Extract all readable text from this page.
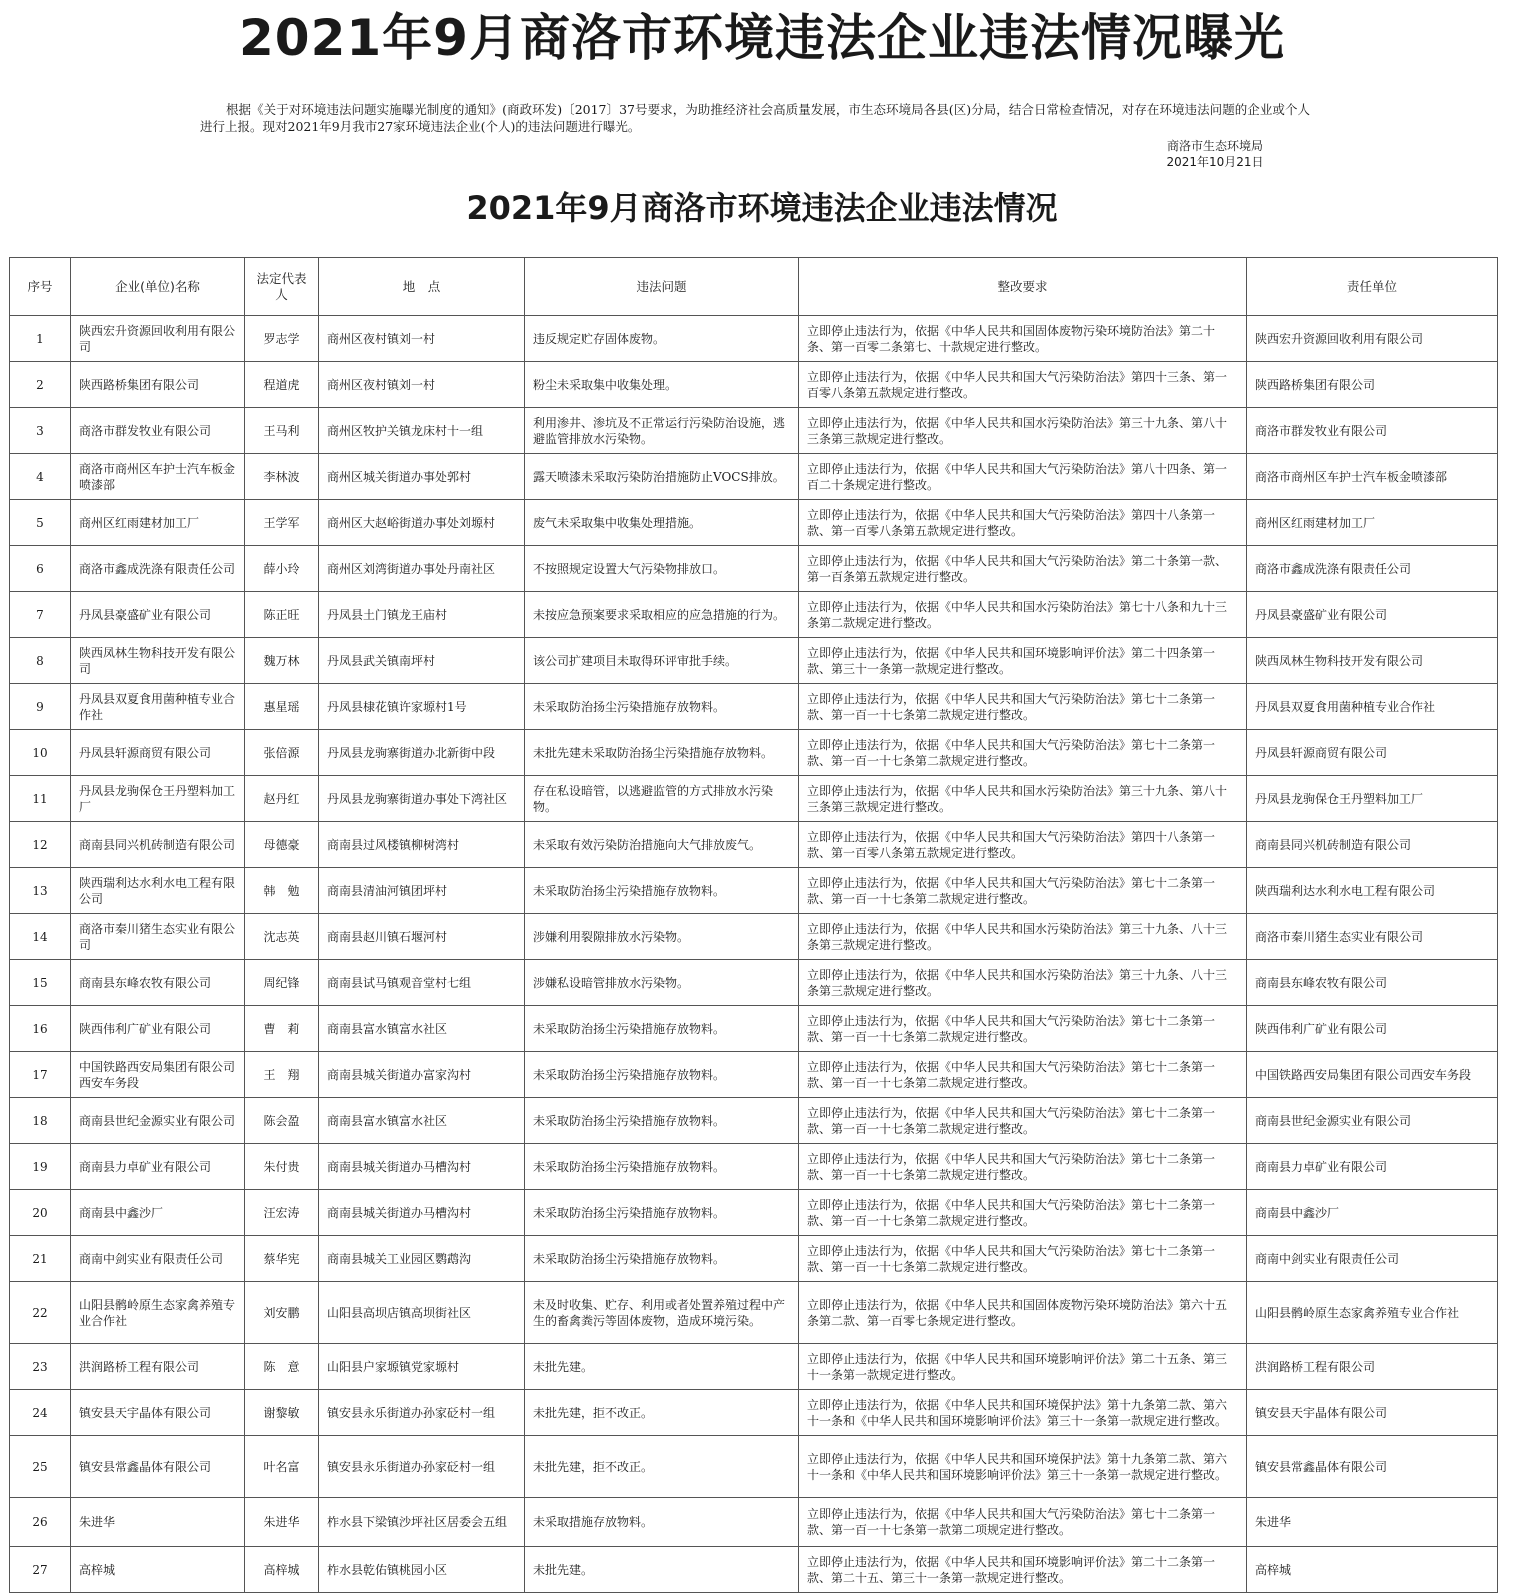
2021年9月商洛市环境违法企业违法情况曝光
根据《关于对环境违法问题实施曝光制度的通知》(商政环发)〔2017〕37号要求，为助推经济社会高质量发展，市生态环境局各县(区)分局，结合日常检查情况，对存在环境违法问题的企业或个人进行上报。现对2021年9月我市27家环境违法企业(个人)的违法问题进行曝光。
商洛市生态环境局
2021年10月21日
2021年9月商洛市环境违法企业违法情况
序号	企业(单位)名称	法定代表人	地　点	违法问题	整改要求	责任单位
1	陕西宏升资源回收利用有限公司	罗志学	商州区夜村镇刘一村	违反规定贮存固体废物。	立即停止违法行为，依据《中华人民共和国固体废物污染环境防治法》第二十条、第一百零二条第七、十款规定进行整改。	陕西宏升资源回收利用有限公司
2	陕西路桥集团有限公司	程道虎	商州区夜村镇刘一村	粉尘未采取集中收集处理。	立即停止违法行为，依据《中华人民共和国大气污染防治法》第四十三条、第一百零八条第五款规定进行整改。	陕西路桥集团有限公司
3	商洛市群发牧业有限公司	王马利	商州区牧护关镇龙床村十一组	利用渗井、渗坑及不正常运行污染防治设施，逃避监管排放水污染物。	立即停止违法行为，依据《中华人民共和国水污染防治法》第三十九条、第八十三条第三款规定进行整改。	商洛市群发牧业有限公司
4	商洛市商州区车护士汽车板金喷漆部	李林波	商州区城关街道办事处郭村	露天喷漆未采取污染防治措施防止VOCS排放。	立即停止违法行为，依据《中华人民共和国大气污染防治法》第八十四条、第一百二十条规定进行整改。	商洛市商州区车护士汽车板金喷漆部
5	商州区红雨建材加工厂	王学军	商州区大赵峪街道办事处刘塬村	废气未采取集中收集处理措施。	立即停止违法行为，依据《中华人民共和国大气污染防治法》第四十八条第一款、第一百零八条第五款规定进行整改。	商州区红雨建材加工厂
6	商洛市鑫成洗涤有限责任公司	薛小玲	商州区刘湾街道办事处丹南社区	不按照规定设置大气污染物排放口。	立即停止违法行为，依据《中华人民共和国大气污染防治法》第二十条第一款、第一百条第五款规定进行整改。	商洛市鑫成洗涤有限责任公司
7	丹凤县豪盛矿业有限公司	陈正旺	丹凤县土门镇龙王庙村	未按应急预案要求采取相应的应急措施的行为。	立即停止违法行为，依据《中华人民共和国水污染防治法》第七十八条和九十三条第二款规定进行整改。	丹凤县豪盛矿业有限公司
8	陕西凤林生物科技开发有限公司	魏万林	丹凤县武关镇南坪村	该公司扩建项目未取得环评审批手续。	立即停止违法行为，依据《中华人民共和国环境影响评价法》第二十四条第一款、第三十一条第一款规定进行整改。	陕西凤林生物科技开发有限公司
9	丹凤县双夏食用菌种植专业合作社	惠星瑶	丹凤县棣花镇许家塬村1号	未采取防治扬尘污染措施存放物料。	立即停止违法行为，依据《中华人民共和国大气污染防治法》第七十二条第一款、第一百一十七条第二款规定进行整改。	丹凤县双夏食用菌种植专业合作社
10	丹凤县轩源商贸有限公司	张倍源	丹凤县龙驹寨街道办北新街中段	未批先建未采取防治扬尘污染措施存放物料。	立即停止违法行为，依据《中华人民共和国大气污染防治法》第七十二条第一款、第一百一十七条第二款规定进行整改。	丹凤县轩源商贸有限公司
11	丹凤县龙驹保仓王丹塑料加工厂	赵丹红	丹凤县龙驹寨街道办事处下湾社区	存在私设暗管，以逃避监管的方式排放水污染物。	立即停止违法行为，依据《中华人民共和国水污染防治法》第三十九条、第八十三条第三款规定进行整改。	丹凤县龙驹保仓王丹塑料加工厂
12	商南县同兴机砖制造有限公司	母德豪	商南县过风楼镇柳树湾村	未采取有效污染防治措施向大气排放废气。	立即停止违法行为，依据《中华人民共和国大气污染防治法》第四十八条第一款、第一百零八条第五款规定进行整改。	商南县同兴机砖制造有限公司
13	陕西瑞利达水利水电工程有限公司	韩　勉	商南县清油河镇团坪村	未采取防治扬尘污染措施存放物料。	立即停止违法行为，依据《中华人民共和国大气污染防治法》第七十二条第一款、第一百一十七条第二款规定进行整改。	陕西瑞利达水利水电工程有限公司
14	商洛市秦川猪生态实业有限公司	沈志英	商南县赵川镇石堰河村	涉嫌利用裂隙排放水污染物。	立即停止违法行为，依据《中华人民共和国水污染防治法》第三十九条、八十三条第三款规定进行整改。	商洛市秦川猪生态实业有限公司
15	商南县东峰农牧有限公司	周纪锋	商南县试马镇观音堂村七组	涉嫌私设暗管排放水污染物。	立即停止违法行为，依据《中华人民共和国水污染防治法》第三十九条、八十三条第三款规定进行整改。	商南县东峰农牧有限公司
16	陕西伟利广矿业有限公司	曹　莉	商南县富水镇富水社区	未采取防治扬尘污染措施存放物料。	立即停止违法行为，依据《中华人民共和国大气污染防治法》第七十二条第一款、第一百一十七条第二款规定进行整改。	陕西伟利广矿业有限公司
17	中国铁路西安局集团有限公司西安车务段	王　翔	商南县城关街道办富家沟村	未采取防治扬尘污染措施存放物料。	立即停止违法行为，依据《中华人民共和国大气污染防治法》第七十二条第一款、第一百一十七条第二款规定进行整改。	中国铁路西安局集团有限公司西安车务段
18	商南县世纪金源实业有限公司	陈会盈	商南县富水镇富水社区	未采取防治扬尘污染措施存放物料。	立即停止违法行为，依据《中华人民共和国大气污染防治法》第七十二条第一款、第一百一十七条第二款规定进行整改。	商南县世纪金源实业有限公司
19	商南县力卓矿业有限公司	朱付贵	商南县城关街道办马槽沟村	未采取防治扬尘污染措施存放物料。	立即停止违法行为，依据《中华人民共和国大气污染防治法》第七十二条第一款、第一百一十七条第二款规定进行整改。	商南县力卓矿业有限公司
20	商南县中鑫沙厂	汪宏涛	商南县城关街道办马槽沟村	未采取防治扬尘污染措施存放物料。	立即停止违法行为，依据《中华人民共和国大气污染防治法》第七十二条第一款、第一百一十七条第二款规定进行整改。	商南县中鑫沙厂
21	商南中剑实业有限责任公司	蔡华宪	商南县城关工业园区鹦鹉沟	未采取防治扬尘污染措施存放物料。	立即停止违法行为，依据《中华人民共和国大气污染防治法》第七十二条第一款、第一百一十七条第二款规定进行整改。	商南中剑实业有限责任公司
22	山阳县鹘岭原生态家禽养殖专业合作社	刘安鹏	山阳县高坝店镇高坝街社区	未及时收集、贮存、利用或者处置养殖过程中产生的畜禽粪污等固体废物，造成环境污染。	立即停止违法行为，依据《中华人民共和国固体废物污染环境防治法》第六十五条第二款、第一百零七条规定进行整改。	山阳县鹘岭原生态家禽养殖专业合作社
23	洪润路桥工程有限公司	陈　意	山阳县户家塬镇党家塬村	未批先建。	立即停止违法行为，依据《中华人民共和国环境影响评价法》第二十五条、第三十一条第一款规定进行整改。	洪润路桥工程有限公司
24	镇安县天宇晶体有限公司	谢黎敏	镇安县永乐街道办孙家砭村一组	未批先建，拒不改正。	立即停止违法行为，依据《中华人民共和国环境保护法》第十九条第二款、第六十一条和《中华人民共和国环境影响评价法》第三十一条第一款规定进行整改。	镇安县天宇晶体有限公司
25	镇安县常鑫晶体有限公司	叶名富	镇安县永乐街道办孙家砭村一组	未批先建，拒不改正。	立即停止违法行为，依据《中华人民共和国环境保护法》第十九条第二款、第六十一条和《中华人民共和国环境影响评价法》第三十一条第一款规定进行整改。	镇安县常鑫晶体有限公司
26	朱进华	朱进华	柞水县下梁镇沙坪社区居委会五组	未采取措施存放物料。	立即停止违法行为，依据《中华人民共和国大气污染防治法》第七十二条第一款、第一百一十七条第一款第二项规定进行整改。	朱进华
27	高梓城	高梓城	柞水县乾佑镇桃园小区	未批先建。	立即停止违法行为，依据《中华人民共和国环境影响评价法》第二十二条第一款、第二十五、第三十一条第一款规定进行整改。	高梓城
